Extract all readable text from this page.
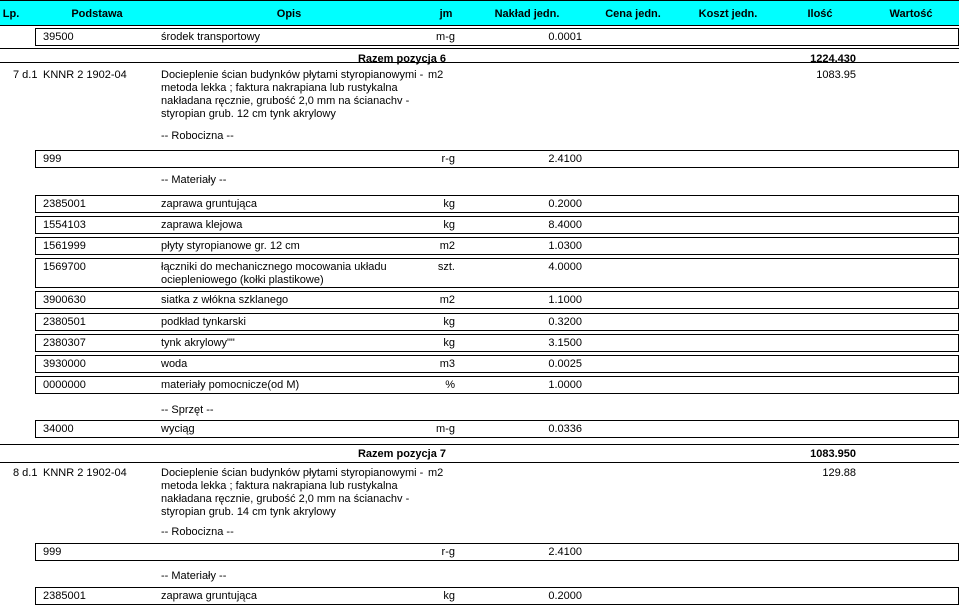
Lp.	Podstawa	Opis	jm	Nakład jedn.	Cena jedn.	Koszt jedn.	Ilość	Wartość
39500	środek transportowy	m-g	0.0001
Razem pozycja 6	1224.430
7 d.1 KNNR 2 1902-04	Docieplenie ścian budynków płytami styropianowymi -
metoda lekka ; faktura nakrapiana lub rustykalna
nakładana ręcznie, grubość 2,0 mm na ścianachv -
styropian grub. 12 cm tynk akrylowy
m2	1083.95
-- Robocizna --
999	r-g	2.4100
-- Materiały --
2385001	zaprawa gruntująca	kg	0.2000
1554103	zaprawa klejowa	kg	8.4000
1561999	płyty styropianowe gr. 12 cm	m2	1.0300
1569700	łączniki do mechanicznego mocowania układu
ocieplenioweg​o (kołki plastikowe)
szt.	4.0000
3900630	siatka z włókna szklanego	m2	1.1000
2380501	podkład tynkarski	kg	0.3200
2380307	tynk akrylowy""	kg	3.1500
3930000	woda	m3	0.0025
0000000	materiały pomocnicze(od M)	%	1.0000
-- Sprzęt --
34000	wyciąg	m-g	0.0336
Razem pozycja 7	1083.950
8 d.1 KNNR 2 1902-04	Docieplenie ścian budynków płytami styropianowymi -
metoda lekka ; faktura nakrapiana lub rustykalna
nakładana ręcznie, grubość 2,0 mm na ścianachv -
styropian grub. 14 cm tynk akrylowy
m2	129.88
-- Robocizna --
999	r-g	2.4100
-- Materiały --
2385001	zaprawa gruntująca	kg	0.2000
